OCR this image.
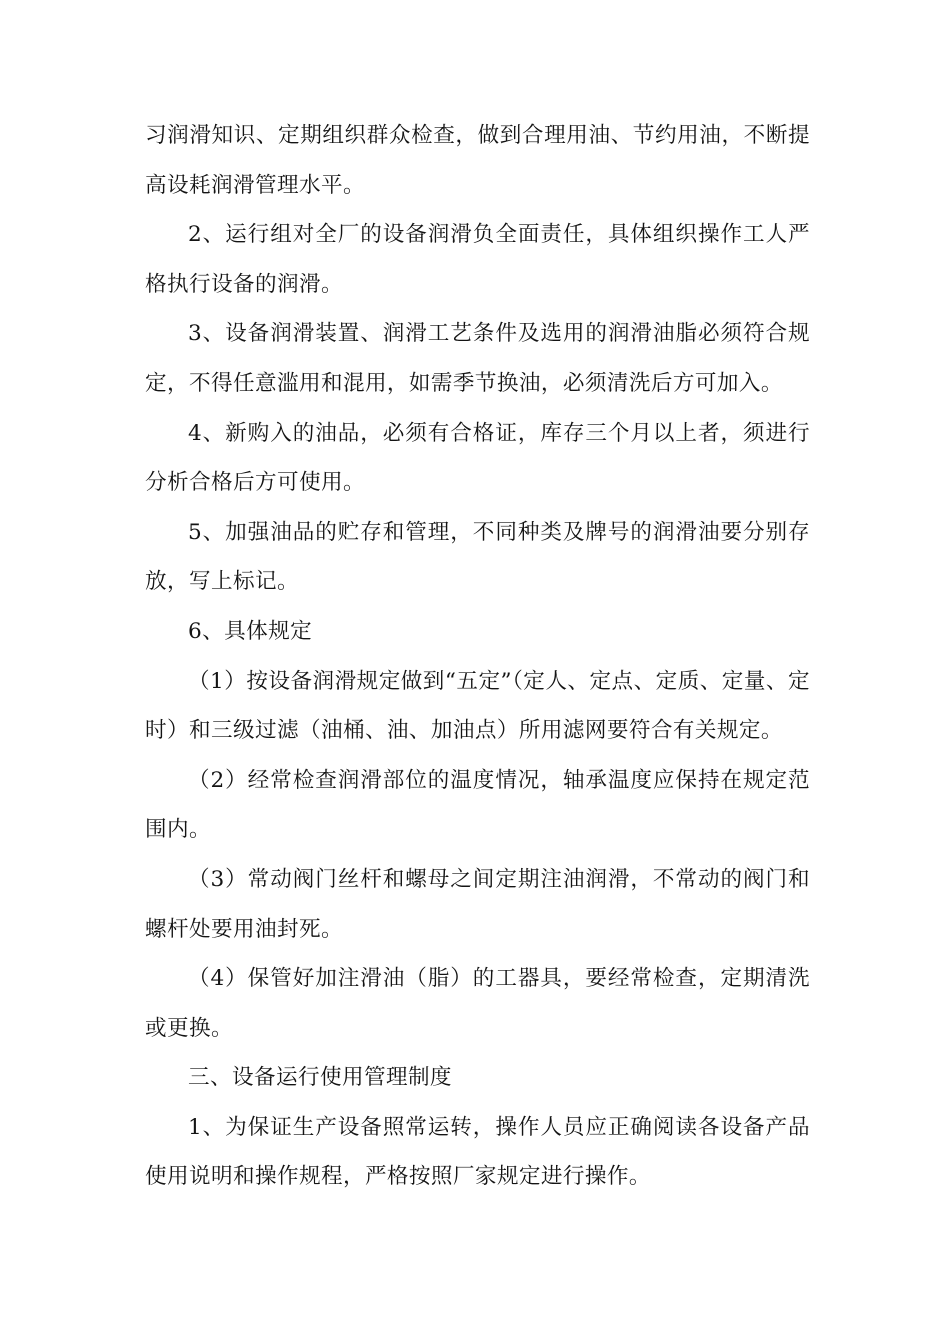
习润滑知识、定期组织群众检查，做到合理用油、节约用油，不断提高设耗润滑管理水平。

2、运行组对全厂的设备润滑负全面责任，具体组织操作工人严格执行设备的润滑。

3、设备润滑装置、润滑工艺条件及选用的润滑油脂必须符合规定，不得任意滥用和混用，如需季节换油，必须清洗后方可加入。

4、新购入的油品，必须有合格证，库存三个月以上者，须进行分析合格后方可使用。

5、加强油品的贮存和管理，不同种类及牌号的润滑油要分别存放，写上标记。

6、具体规定

（1）按设备润滑规定做到“五定”（定人、定点、定质、定量、定时）和三级过滤（油桶、油、加油点）所用滤网要符合有关规定。

（2）经常检查润滑部位的温度情况，轴承温度应保持在规定范围内。

（3）常动阀门丝杆和螺母之间定期注油润滑，不常动的阀门和螺杆处要用油封死。

（4）保管好加注滑油（脂）的工器具，要经常检查，定期清洗或更换。

三、设备运行使用管理制度

1、为保证生产设备照常运转，操作人员应正确阅读各设备产品使用说明和操作规程，严格按照厂家规定进行操作。
